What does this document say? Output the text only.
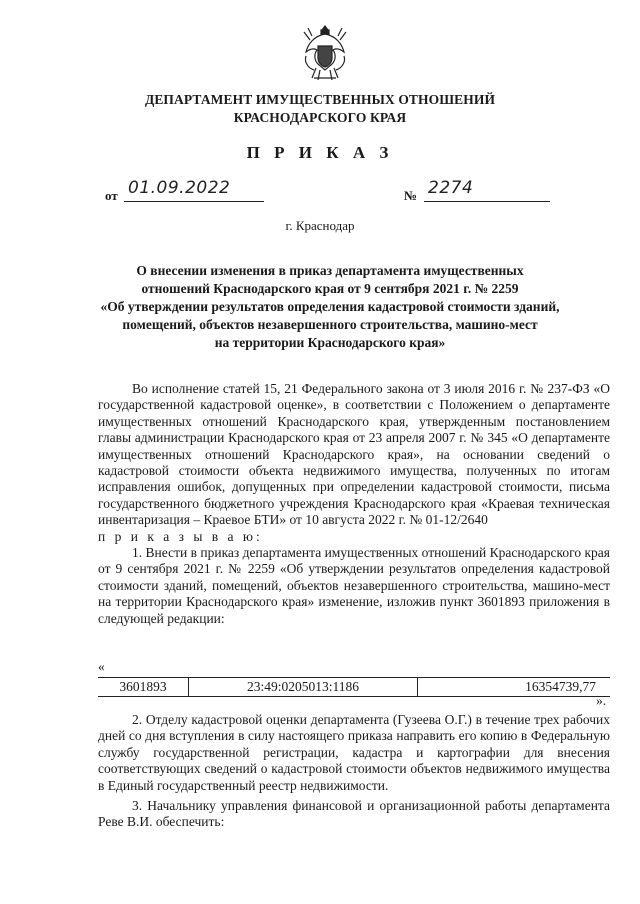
ДЕПАРТАМЕНТ ИМУЩЕСТВЕННЫХ ОТНОШЕНИЙ
КРАСНОДАРСКОГО КРАЯ
П Р И К А З
от 01.09.2022	№ 2274
г. Краснодар
О внесении изменения в приказ департамента имущественных
отношений Краснодарского края от 9 сентября 2021 г. № 2259
«Об утверждении результатов определения кадастровой стоимости зданий,
помещений, объектов незавершенного строительства, машино-мест
на территории Краснодарского края»

Во исполнение статей 15, 21 Федерального закона от 3 июля 2016 г. № 237-ФЗ «О государственной кадастровой оценке», в соответствии с Положением о департаменте имущественных отношений Краснодарского края, утвержденным постановлением главы администрации Краснодарского края от 23 апреля 2007 г. № 345 «О департаменте имущественных отношений Краснодарского края», на основании сведений о кадастровой стоимости объекта недвижимого имущества, полученных по итогам исправления ошибок, допущенных при определении кадастровой стоимости, письма государственного бюджетного учреждения Краснодарского края «Краевая техническая инвентаризация – Краевое БТИ» от 10 августа 2022 г. № 01-12/2640

п р и к а з ы в а ю:

1. Внести в приказ департамента имущественных отношений Краснодарского края от 9 сентября 2021 г. № 2259 «Об утверждении результатов определения кадастровой стоимости зданий, помещений, объектов незавершенного строительства, машино-мест на территории Краснодарского края» изменение, изложив пункт 3601893 приложения в следующей редакции:

«
3601893	23:49:0205013:1186	16354739,77
».

2. Отделу кадастровой оценки департамента (Гузеева О.Г.) в течение трех рабочих дней со дня вступления в силу настоящего приказа направить его копию в Федеральную службу государственной регистрации, кадастра и картографии для внесения соответствующих сведений о кадастровой стоимости объектов недвижимого имущества в Единый государственный реестр недвижимости.

3. Начальнику управления финансовой и организационной работы департамента Реве В.И. обеспечить:
